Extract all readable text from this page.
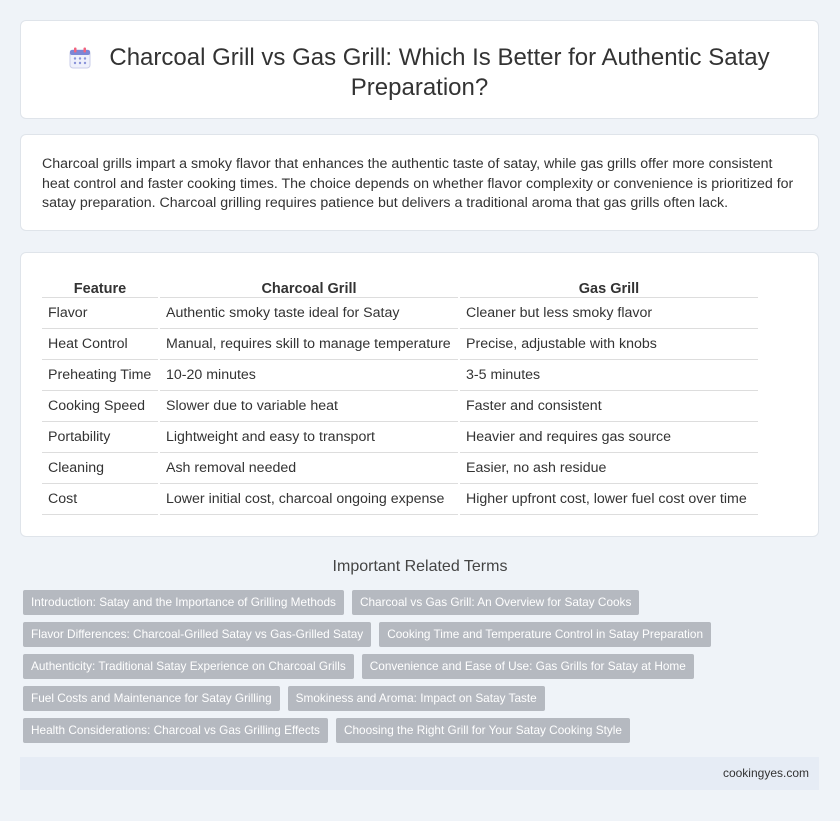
Charcoal Grill vs Gas Grill: Which Is Better for Authentic Satay Preparation?

Charcoal grills impart a smoky flavor that enhances the authentic taste of satay, while gas grills offer more consistent heat control and faster cooking times. The choice depends on whether flavor complexity or convenience is prioritized for satay preparation. Charcoal grilling requires patience but delivers a traditional aroma that gas grills often lack.

Feature	Charcoal Grill	Gas Grill
Flavor	Authentic smoky taste ideal for Satay	Cleaner but less smoky flavor
Heat Control	Manual, requires skill to manage temperature	Precise, adjustable with knobs
Preheating Time	10-20 minutes	3-5 minutes
Cooking Speed	Slower due to variable heat	Faster and consistent
Portability	Lightweight and easy to transport	Heavier and requires gas source
Cleaning	Ash removal needed	Easier, no ash residue
Cost	Lower initial cost, charcoal ongoing expense	Higher upfront cost, lower fuel cost over time
Important Related Terms
Introduction: Satay and the Importance of Grilling Methods Charcoal vs Gas Grill: An Overview for Satay Cooks
Flavor Differences: Charcoal-Grilled Satay vs Gas-Grilled Satay Cooking Time and Temperature Control in Satay Preparation
Authenticity: Traditional Satay Experience on Charcoal Grills Convenience and Ease of Use: Gas Grills for Satay at Home
Fuel Costs and Maintenance for Satay Grilling Smokiness and Aroma: Impact on Satay Taste
Health Considerations: Charcoal vs Gas Grilling Effects Choosing the Right Grill for Your Satay Cooking Style
cookingyes.com
